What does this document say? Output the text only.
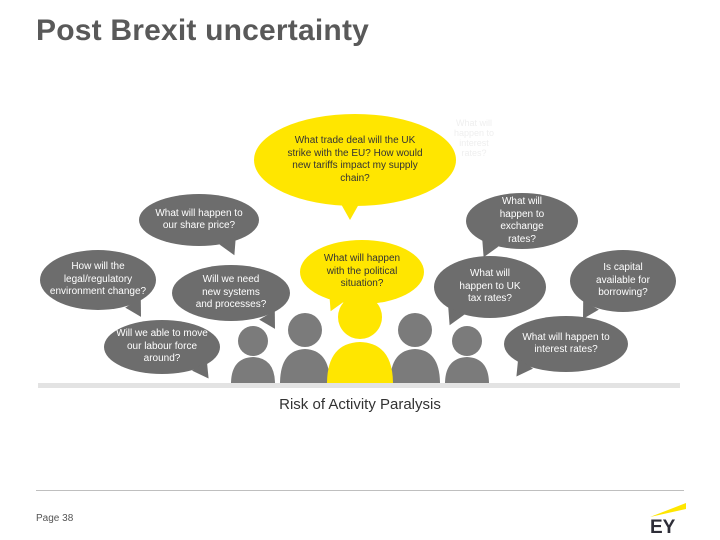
Post Brexit uncertainty
What will happen to interest rates?
What trade deal will the UK strike with the EU? How would new tariffs impact my supply chain?
What will happen to our share price?
What will happen to exchange rates?
How will the legal/regulatory environment change?
Will we need new systems and processes?
What will happen with the political situation?
What will happen to UK tax rates?
Is capital available for borrowing?
Will we able to move our labour force around?
What will happen to interest rates?
Risk of Activity Paralysis
Page 38	EY
